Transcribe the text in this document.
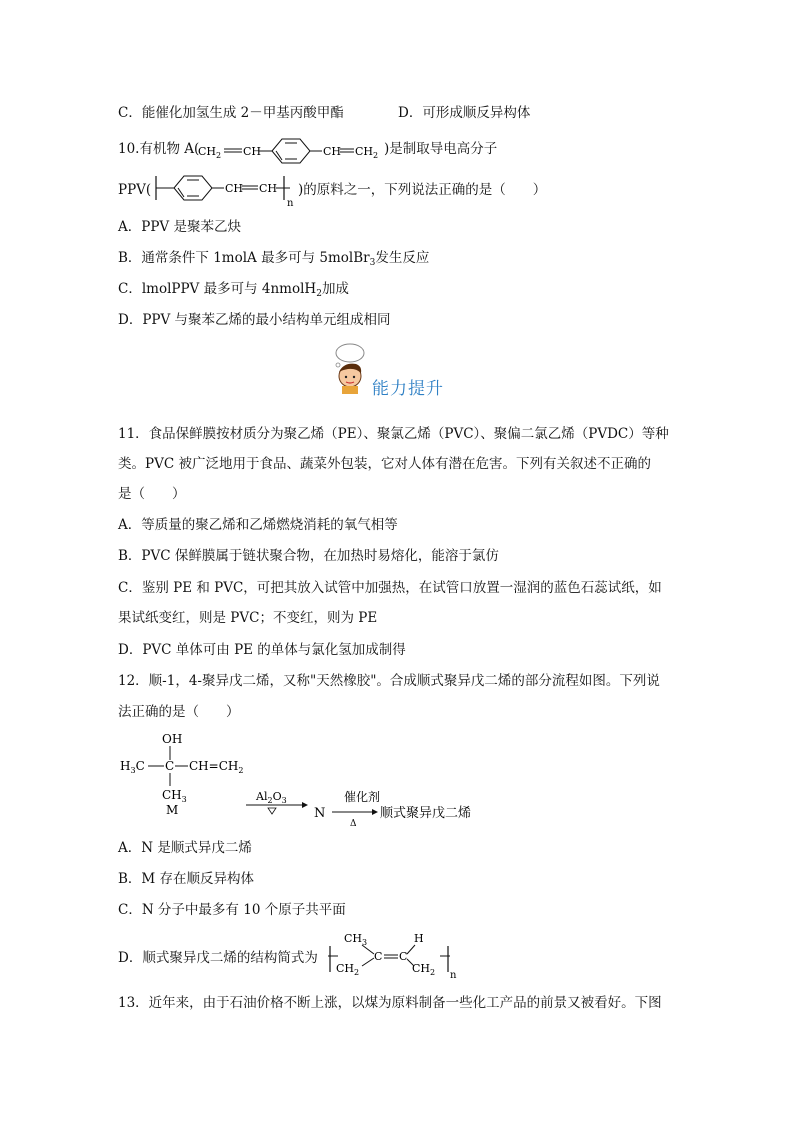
C．能催化加氢生成 2－甲基丙酸甲酯	D．可形成顺反异构体
10.有机物 A(
$CH_2$ CH	CH $CH_2$ )是制取导电高分子
PPV(	CH CH
n
)的原料之一，下列说法正确的是（　　）
A．PPV 是聚苯乙炔
B．通常条件下 1molA 最多可与 5molBr$_3$发生反应
C．lmolPPV 最多可与 4nmolH$_2$加成
D．PPV 与聚苯乙烯的最小结构单元组成相同
能力提升
11．食品保鲜膜按材质分为聚乙烯（PE）、聚氯乙烯（PVC）、聚偏二氯乙烯（PVDC）等种
类。PVC 被广泛地用于食品、蔬菜外包装，它对人体有潜在危害。下列有关叙述不正确的
是（　　）
A．等质量的聚乙烯和乙烯燃烧消耗的氧气相等
B．PVC 保鲜膜属于链状聚合物，在加热时易熔化，能溶于氯仿
C．鉴别 PE 和 PVC，可把其放入试管中加强热，在试管口放置一湿润的蓝色石蕊试纸，如
果试纸变红，则是 PVC；不变红，则为 PE
D．PVC 单体可由 PE 的单体与氯化氢加成制得
12．顺-1，4-聚异戊二烯，又称"天然橡胶"。合成顺式聚异戊二烯的部分流程如图。下列说
法正确的是（　　）
OH
$H_3C$ C $CH=CH_2$
$CH_3$
M
$Al_2O_3$
N
催化剂
Δ
顺式聚异戊二烯
A．N 是顺式异戊二烯
B．M 存在顺反异构体
C．N 分子中最多有 10 个原子共平面
D．顺式聚异戊二烯的结构简式为
$CH_2$
$CH_3$
C C
H
$CH_2$ n
13．近年来，由于石油价格不断上涨，以煤为原料制备一些化工产品的前景又被看好。下图
